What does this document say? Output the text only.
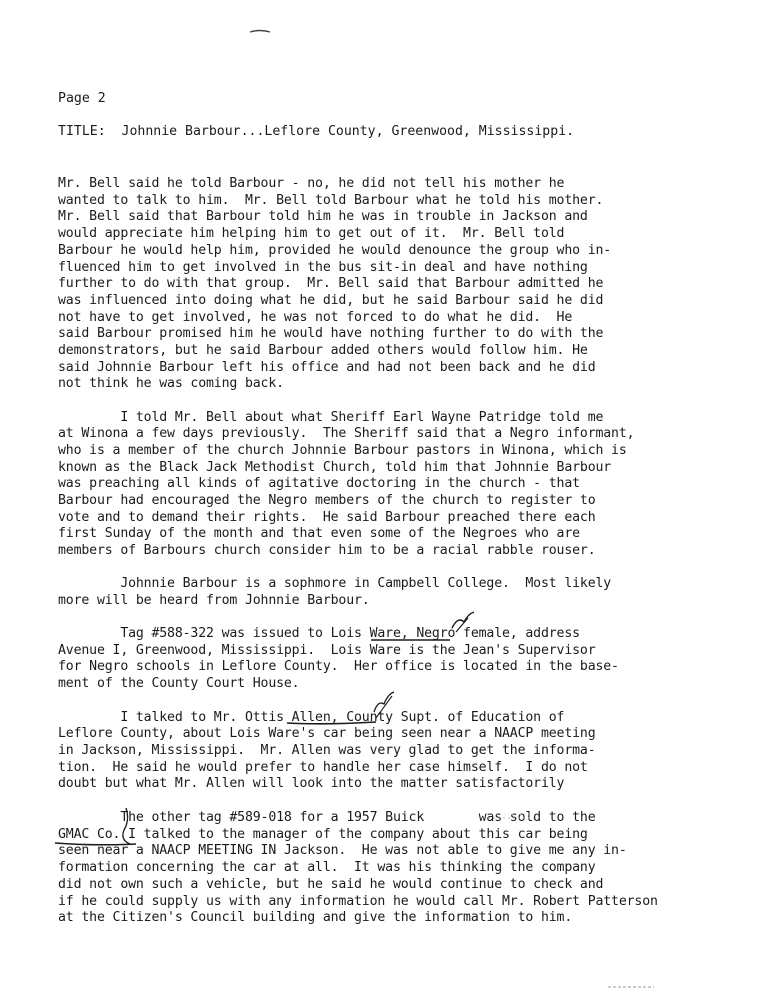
Page 2
TITLE:  Johnnie Barbour...Leflore County, Greenwood, Mississippi.
Mr. Bell said he told Barbour - no, he did not tell his mother he
wanted to talk to him.  Mr. Bell told Barbour what he told his mother.
Mr. Bell said that Barbour told him he was in trouble in Jackson and
would appreciate him helping him to get out of it.  Mr. Bell told
Barbour he would help him, provided he would denounce the group who in-
fluenced him to get involved in the bus sit-in deal and have nothing
further to do with that group.  Mr. Bell said that Barbour admitted he
was influenced into doing what he did, but he said Barbour said he did
not have to get involved, he was not forced to do what he did.  He
said Barbour promised him he would have nothing further to do with the
demonstrators, but he said Barbour added others would follow him. He
said Johnnie Barbour left his office and had not been back and he did
not think he was coming back.
I told Mr. Bell about what Sheriff Earl Wayne Patridge told me
at Winona a few days previously.  The Sheriff said that a Negro informant,
who is a member of the church Johnnie Barbour pastors in Winona, which is
known as the Black Jack Methodist Church, told him that Johnnie Barbour
was preaching all kinds of agitative doctoring in the church - that
Barbour had encouraged the Negro members of the church to register to
vote and to demand their rights.  He said Barbour preached there each
first Sunday of the month and that even some of the Negroes who are
members of Barbours church consider him to be a racial rabble rouser.
Johnnie Barbour is a sophmore in Campbell College.  Most likely
more will be heard from Johnnie Barbour.
Tag #588-322 was issued to Lois Ware, Negro female, address
Avenue I, Greenwood, Mississippi.  Lois Ware is the Jean's Supervisor
for Negro schools in Leflore County.  Her office is located in the base-
ment of the County Court House.
I talked to Mr. Ottis Allen, County Supt. of Education of
Leflore County, about Lois Ware's car being seen near a NAACP meeting
in Jackson, Mississippi.  Mr. Allen was very glad to get the informa-
tion.  He said he would prefer to handle her case himself.  I do not
doubt but what Mr. Allen will look into the matter satisfactorily
The other tag #589-018 for a 1957 Buick       was sold to the
GMAC Co. I talked to the manager of the company about this car being
seen near a NAACP MEETING IN Jackson.  He was not able to give me any in-
formation concerning the car at all.  It was his thinking the company
did not own such a vehicle, but he said he would continue to check and
if he could supply us with any information he would call Mr. Robert Patterson
at the Citizen's Council building and give the information to him.
